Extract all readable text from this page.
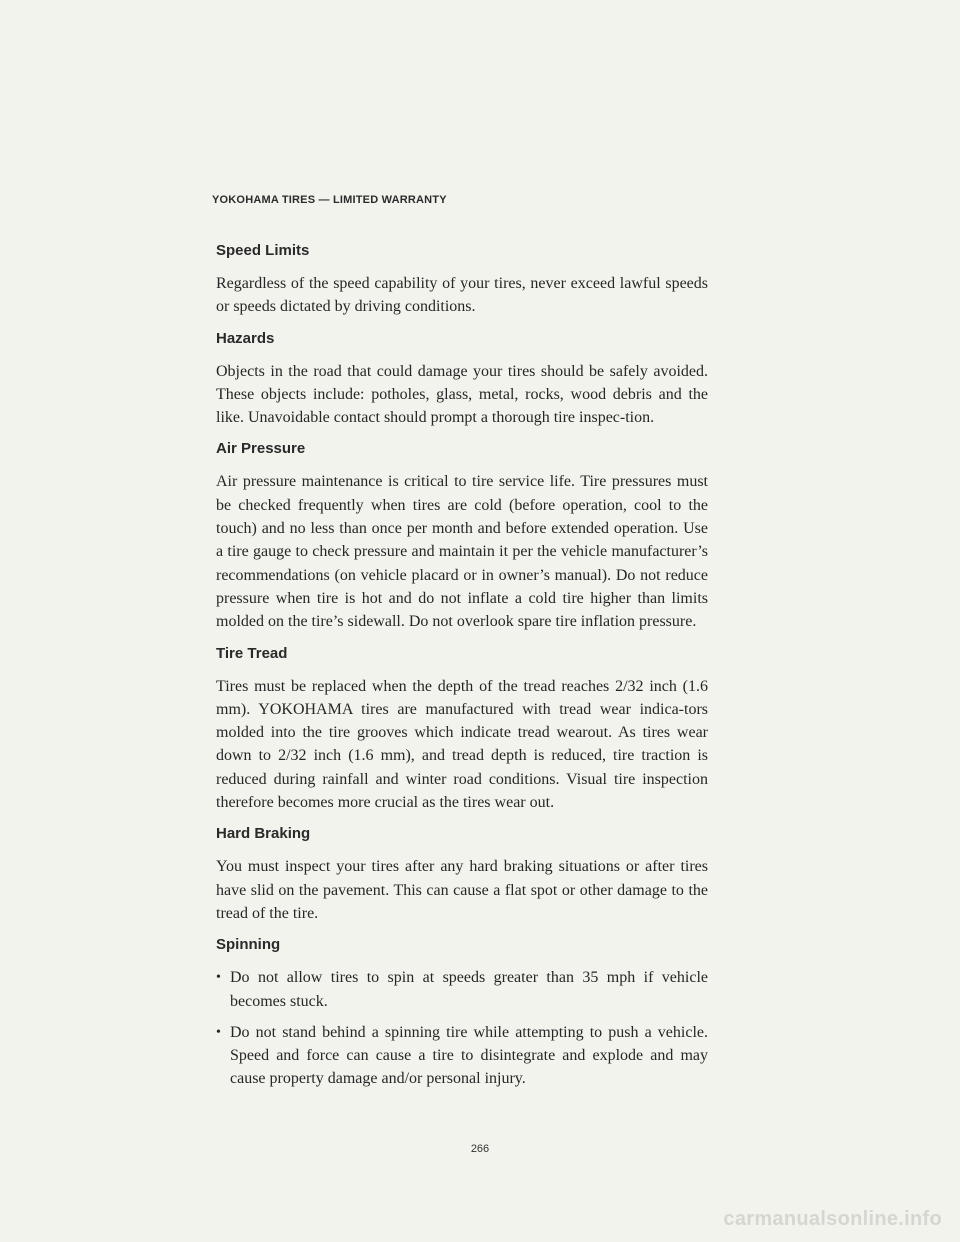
YOKOHAMA TIRES — LIMITED WARRANTY
Speed Limits

Regardless of the speed capability of your tires, never exceed lawful speeds or speeds dictated by driving conditions.

Hazards

Objects in the road that could damage your tires should be safely avoided. These objects include: potholes, glass, metal, rocks, wood debris and the like. Unavoidable contact should prompt a thorough tire inspec-tion.

Air Pressure

Air pressure maintenance is critical to tire service life. Tire pressures must be checked frequently when tires are cold (before operation, cool to the touch) and no less than once per month and before extended operation. Use a tire gauge to check pressure and maintain it per the vehicle manufacturer’s recommendations (on vehicle placard or in owner’s manual). Do not reduce pressure when tire is hot and do not inflate a cold tire higher than limits molded on the tire’s sidewall. Do not overlook spare tire inflation pressure.

Tire Tread

Tires must be replaced when the depth of the tread reaches 2/32 inch (1.6 mm). YOKOHAMA tires are manufactured with tread wear indica-tors molded into the tire grooves which indicate tread wearout. As tires wear down to 2/32 inch (1.6 mm), and tread depth is reduced, tire traction is reduced during rainfall and winter road conditions. Visual tire inspection therefore becomes more crucial as the tires wear out.

Hard Braking

You must inspect your tires after any hard braking situations or after tires have slid on the pavement. This can cause a flat spot or other damage to the tread of the tire.

Spinning
• Do not allow tires to spin at speeds greater than 35 mph if vehicle becomes stuck.
• Do not stand behind a spinning tire while attempting to push a vehicle. Speed and force can cause a tire to disintegrate and explode and may cause property damage and/or personal injury.
266
carmanualsonline.info
